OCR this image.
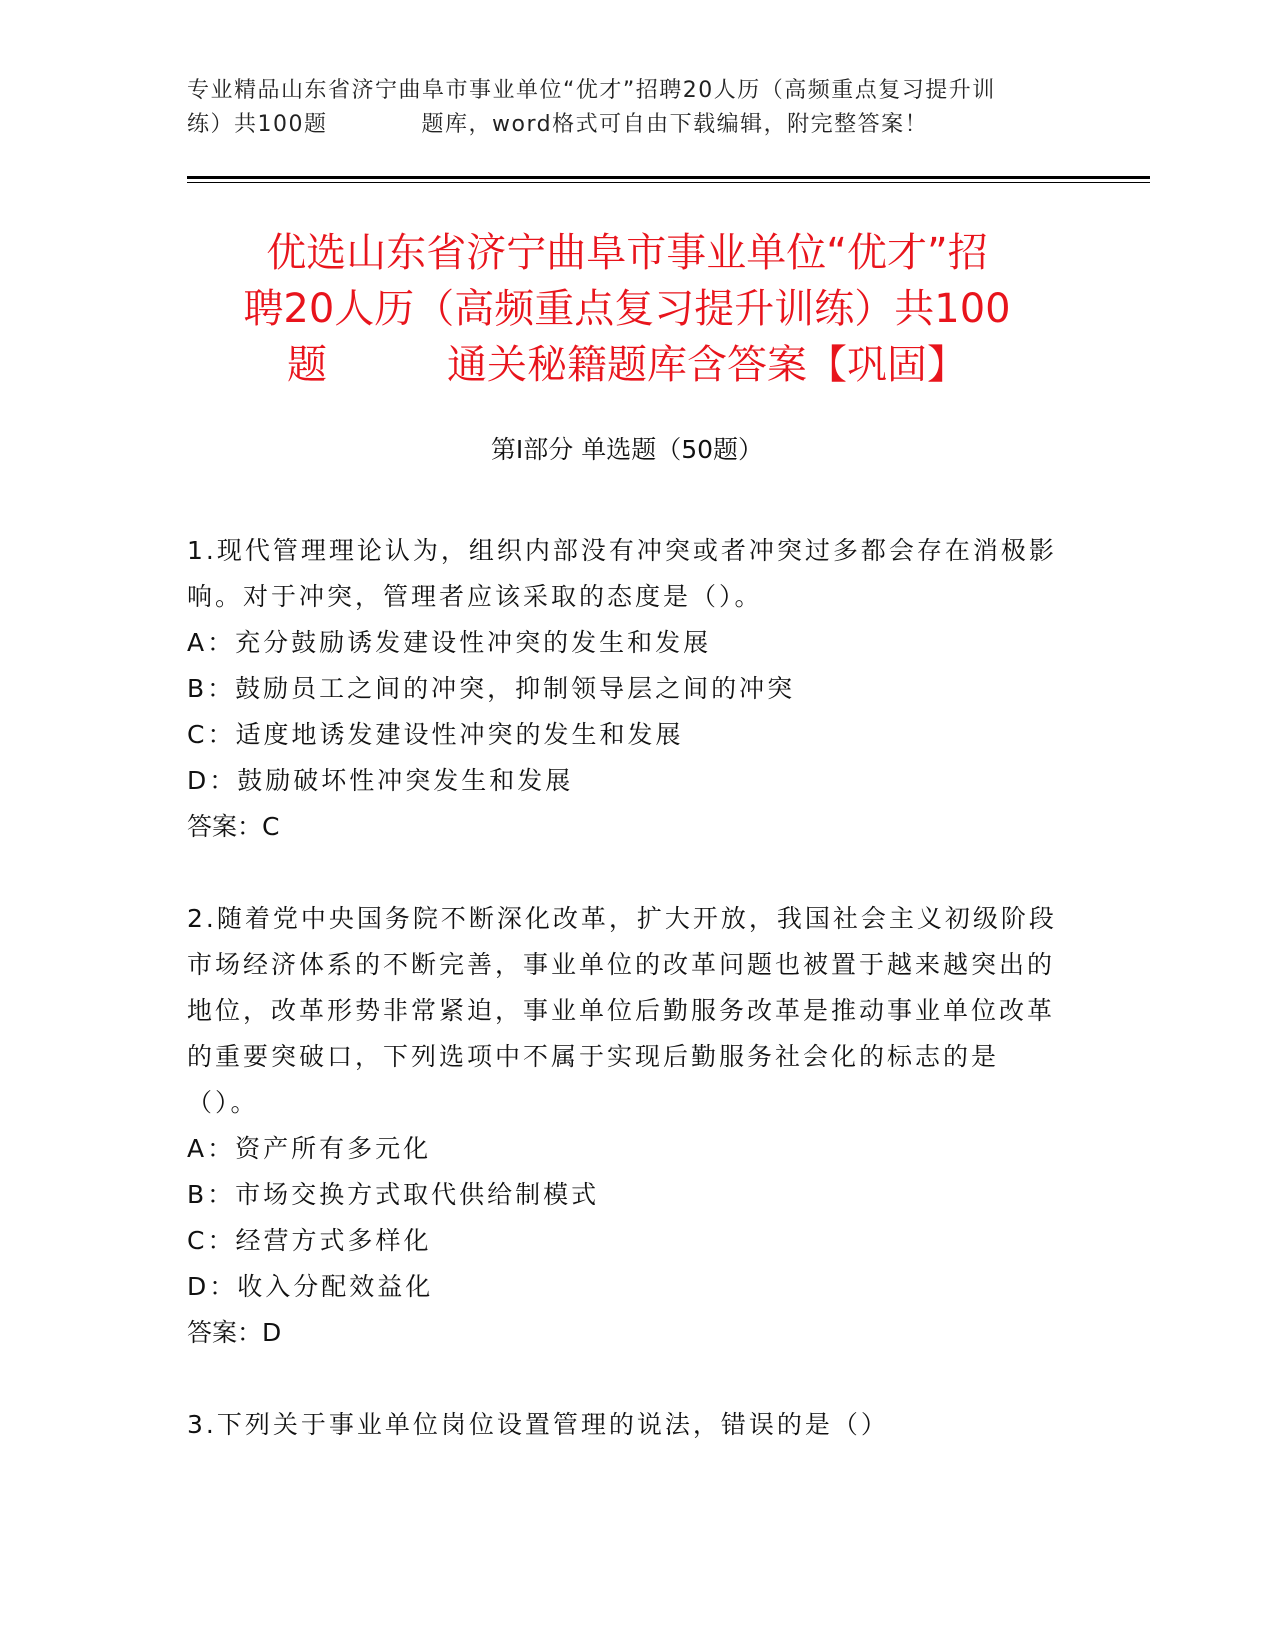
专业精品山东省济宁曲阜市事业单位“优才”招聘20人历（高频重点复习提升训
练）共100题　　　　题库，word格式可自由下载编辑，附完整答案！
优选山东省济宁曲阜市事业单位“优才”招
聘20人历（高频重点复习提升训练）共100
题　　　通关秘籍题库含答案【巩固】
第Ⅰ部分 单选题（50题）

1.现代管理理论认为，组织内部没有冲突或者冲突过多都会存在消极影响。对于冲突，管理者应该采取的态度是（）。

A：充分鼓励诱发建设性冲突的发生和发展

B：鼓励员工之间的冲突，抑制领导层之间的冲突

C：适度地诱发建设性冲突的发生和发展

D：鼓励破坏性冲突发生和发展

答案：C

2.随着党中央国务院不断深化改革，扩大开放，我国社会主义初级阶段市场经济体系的不断完善，事业单位的改革问题也被置于越来越突出的地位，改革形势非常紧迫，事业单位后勤服务改革是推动事业单位改革的重要突破口，下列选项中不属于实现后勤服务社会化的标志的是（）。

A：资产所有多元化

B：市场交换方式取代供给制模式

C：经营方式多样化

D：收入分配效益化

答案：D

3.下列关于事业单位岗位设置管理的说法，错误的是（）
